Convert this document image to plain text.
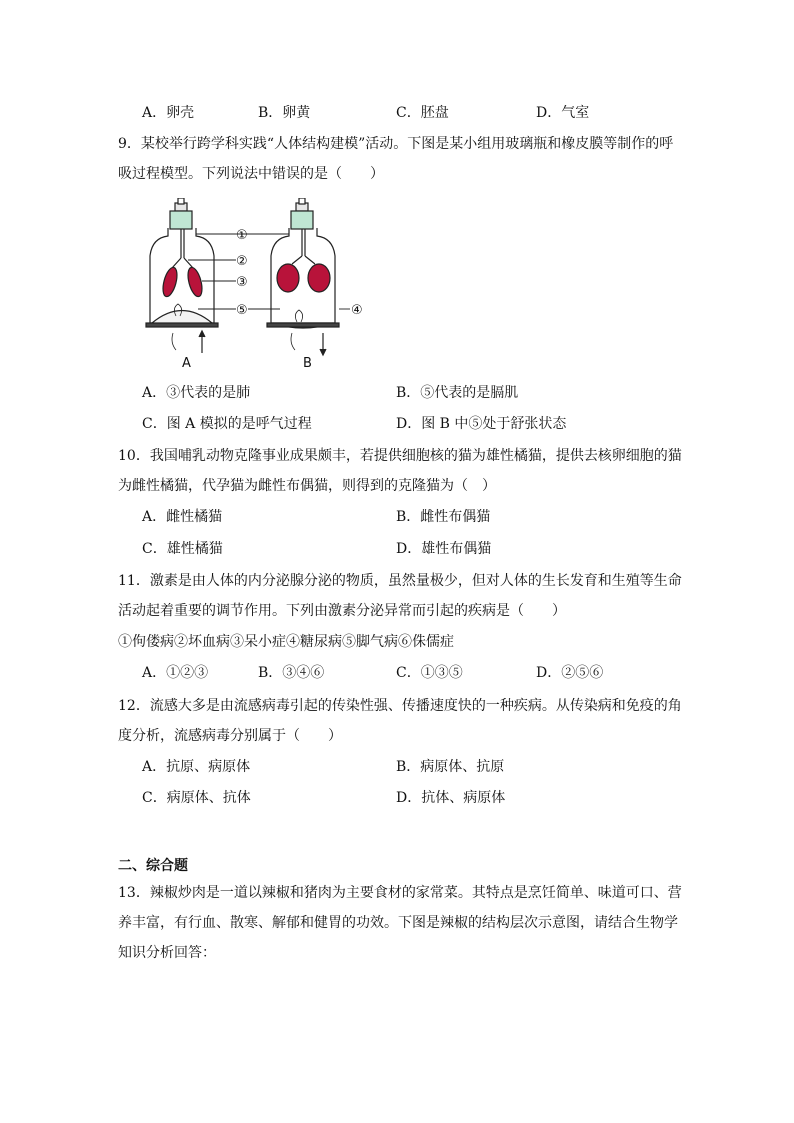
A．卵壳	B．卵黄	C．胚盘	D．气室
9．某校举行跨学科实践“人体结构建模”活动。下图是某小组用玻璃瓶和橡皮膜等制作的呼
吸过程模型。下列说法中错误的是（　　）
①
②
③
⑤	④
A	B
A．③代表的是肺	B．⑤代表的是膈肌
C．图 A 模拟的是呼气过程	D．图 B 中⑤处于舒张状态
10．我国哺乳动物克隆事业成果颇丰，若提供细胞核的猫为雄性橘猫，提供去核卵细胞的猫
为雌性橘猫，代孕猫为雌性布偶猫，则得到的克隆猫为（　）
A．雌性橘猫	B．雌性布偶猫
C．雄性橘猫	D．雄性布偶猫
11．激素是由人体的内分泌腺分泌的物质，虽然量极少，但对人体的生长发育和生殖等生命
活动起着重要的调节作用。下列由激素分泌异常而引起的疾病是（　　）
①佝偻病②坏血病③呆小症④糖尿病⑤脚气病⑥侏儒症
A．①②③	B．③④⑥	C．①③⑤	D．②⑤⑥
12．流感大多是由流感病毒引起的传染性强、传播速度快的一种疾病。从传染病和免疫的角
度分析，流感病毒分别属于（　　）
A．抗原、病原体	B．病原体、抗原
C．病原体、抗体	D．抗体、病原体
二、综合题
13．辣椒炒肉是一道以辣椒和猪肉为主要食材的家常菜。其特点是烹饪简单、味道可口、营
养丰富，有行血、散寒、解郁和健胃的功效。下图是辣椒的结构层次示意图，请结合生物学
知识分析回答：
